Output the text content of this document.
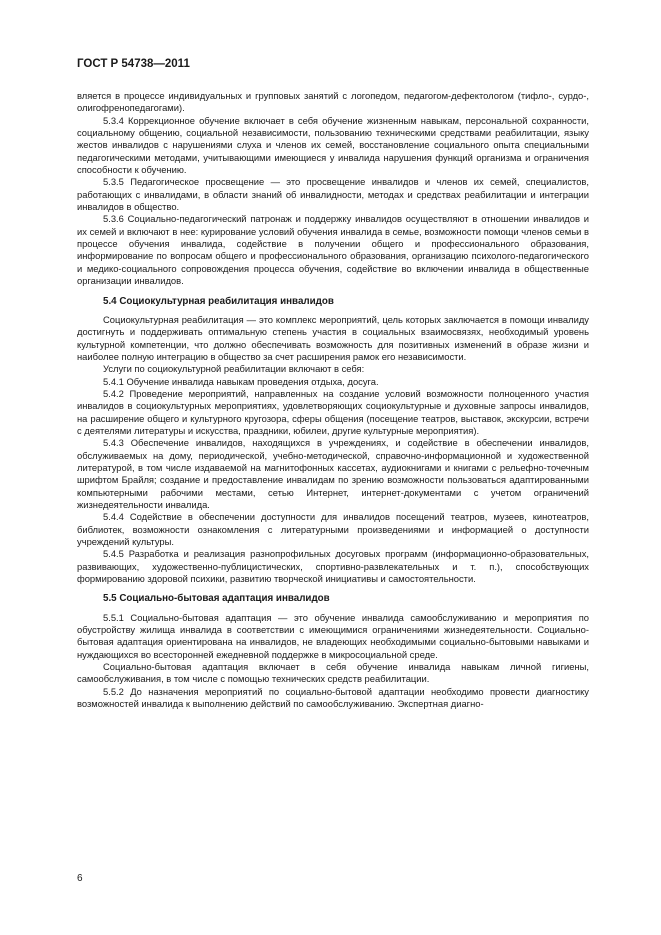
ГОСТ Р 54738—2011

вляется в процессе индивидуальных и групповых занятий с логопедом, педагогом-дефектологом (тифло-, сурдо-, олигофренопедагогами).

5.3.4 Коррекционное обучение включает в себя обучение жизненным навыкам, персональной сохранности, социальному общению, социальной независимости, пользованию техническими средствами реабилитации, языку жестов инвалидов с нарушениями слуха и членов их семей, восстановление социального опыта специальными педагогическими методами, учитывающими имеющиеся у инвалида нарушения функций организма и ограничения способности к обучению.

5.3.5 Педагогическое просвещение — это просвещение инвалидов и членов их семей, специалистов, работающих с инвалидами, в области знаний об инвалидности, методах и средствах реабилитации и интеграции инвалидов в общество.

5.3.6 Социально-педагогический патронаж и поддержку инвалидов осуществляют в отношении инвалидов и их семей и включают в нее: курирование условий обучения инвалида в семье, возможности помощи членов семьи в процессе обучения инвалида, содействие в получении общего и профессионального образования, информирование по вопросам общего и профессионального образования, организацию психолого-педагогического и медико-социального сопровождения процесса обучения, содействие во включении инвалида в общественные организации инвалидов.

5.4 Социокультурная реабилитация инвалидов

Социокультурная реабилитация — это комплекс мероприятий, цель которых заключается в помощи инвалиду достигнуть и поддерживать оптимальную степень участия в социальных взаимосвязях, необходимый уровень культурной компетенции, что должно обеспечивать возможность для позитивных изменений в образе жизни и наиболее полную интеграцию в общество за счет расширения рамок его независимости.

Услуги по социокультурной реабилитации включают в себя:

5.4.1 Обучение инвалида навыкам проведения отдыха, досуга.

5.4.2 Проведение мероприятий, направленных на создание условий возможности полноценного участия инвалидов в социокультурных мероприятиях, удовлетворяющих социокультурные и духовные запросы инвалидов, на расширение общего и культурного кругозора, сферы общения (посещение театров, выставок, экскурсии, встречи с деятелями литературы и искусства, праздники, юбилеи, другие культурные мероприятия).

5.4.3 Обеспечение инвалидов, находящихся в учреждениях, и содействие в обеспечении инвалидов, обслуживаемых на дому, периодической, учебно-методической, справочно-информационной и художественной литературой, в том числе издаваемой на магнитофонных кассетах, аудиокнигами и книгами с рельефно-точечным шрифтом Брайля; создание и предоставление инвалидам по зрению возможности пользоваться адаптированными компьютерными рабочими местами, сетью Интернет, интернет-документами с учетом ограничений жизнедеятельности инвалида.

5.4.4 Содействие в обеспечении доступности для инвалидов посещений театров, музеев, кинотеатров, библиотек, возможности ознакомления с литературными произведениями и информацией о доступности учреждений культуры.

5.4.5 Разработка и реализация разнопрофильных досуговых программ (информационно-образовательных, развивающих, художественно-публицистических, спортивно-развлекательных и т. п.), способствующих формированию здоровой психики, развитию творческой инициативы и самостоятельности.

5.5 Социально-бытовая адаптация инвалидов

5.5.1 Социально-бытовая адаптация — это обучение инвалида самообслуживанию и мероприятия по обустройству жилища инвалида в соответствии с имеющимися ограничениями жизнедеятельности. Социально-бытовая адаптация ориентирована на инвалидов, не владеющих необходимыми социально-бытовыми навыками и нуждающихся во всесторонней ежедневной поддержке в микросоциальной среде.

Социально-бытовая адаптация включает в себя обучение инвалида навыкам личной гигиены, самообслуживания, в том числе с помощью технических средств реабилитации.

5.5.2 До назначения мероприятий по социально-бытовой адаптации необходимо провести диагностику возможностей инвалида к выполнению действий по самообслуживанию. Экспертная диагно-

6
